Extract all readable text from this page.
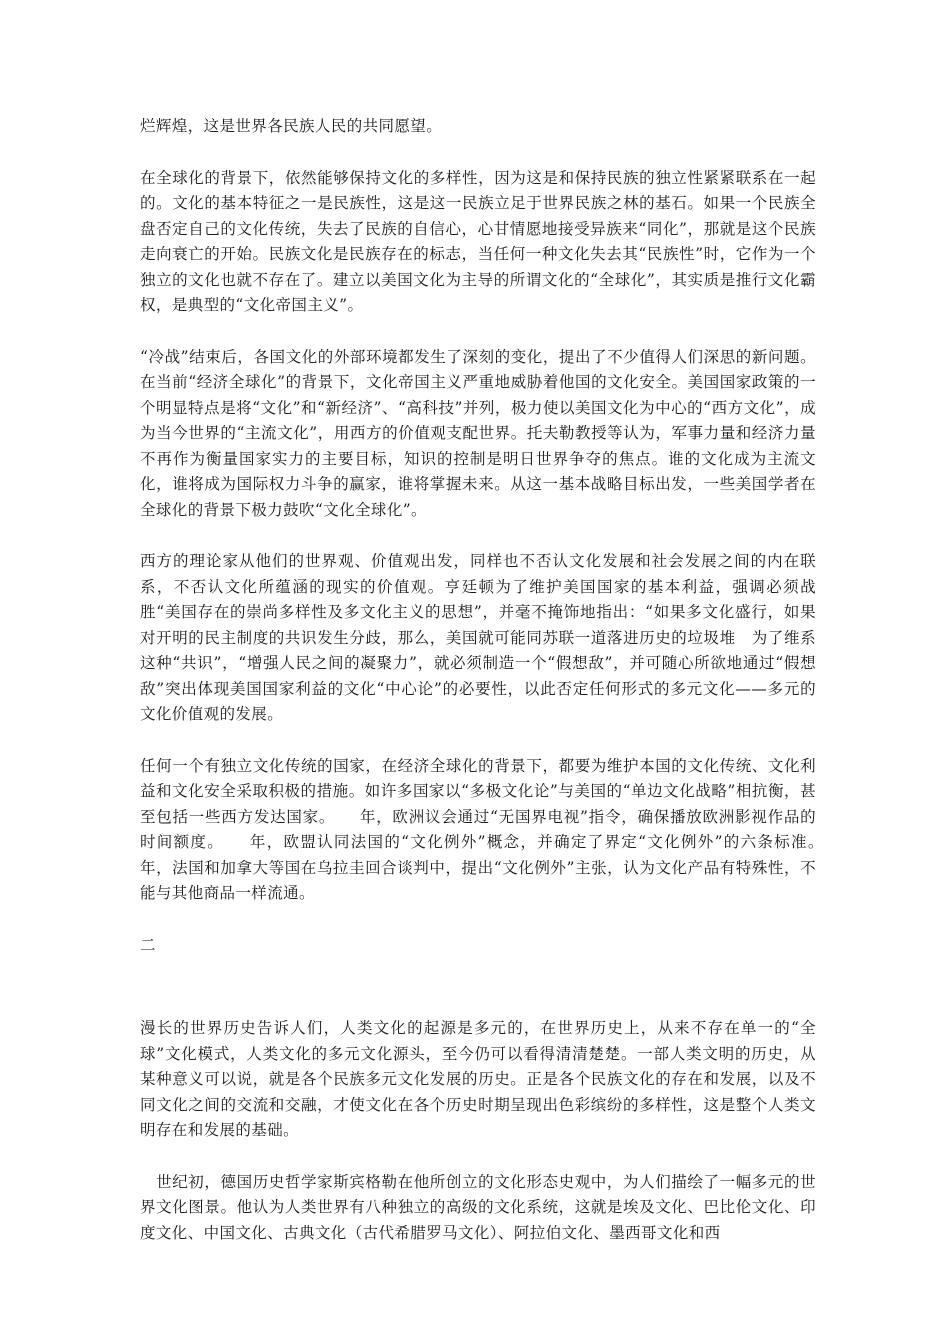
烂辉煌，这是世界各民族人民的共同愿望。

在全球化的背景下，依然能够保持文化的多样性，因为这是和保持民族的独立性紧紧联系在一起的。文化的基本特征之一是民族性，这是这一民族立足于世界民族之林的基石。如果一个民族全盘否定自己的文化传统，失去了民族的自信心，心甘情愿地接受异族来“同化”，那就是这个民族走向衰亡的开始。民族文化是民族存在的标志，当任何一种文化失去其“民族性”时，它作为一个独立的文化也就不存在了。建立以美国文化为主导的所谓文化的“全球化”，其实质是推行文化霸权，是典型的“文化帝国主义”。

“冷战”结束后，各国文化的外部环境都发生了深刻的变化，提出了不少值得人们深思的新问题。在当前“经济全球化”的背景下，文化帝国主义严重地威胁着他国的文化安全。美国国家政策的一个明显特点是将“文化”和“新经济”、“高科技”并列，极力使以美国文化为中心的“西方文化”，成为当今世界的“主流文化”，用西方的价值观支配世界。托夫勒教授等认为，军事力量和经济力量不再作为衡量国家实力的主要目标，知识的控制是明日世界争夺的焦点。谁的文化成为主流文化，谁将成为国际权力斗争的赢家，谁将掌握未来。从这一基本战略目标出发，一些美国学者在全球化的背景下极力鼓吹“文化全球化”。

西方的理论家从他们的世界观、价值观出发，同样也不否认文化发展和社会发展之间的内在联系，不否认文化所蕴涵的现实的价值观。亨廷顿为了维护美国国家的基本利益，强调必须战胜“美国存在的崇尚多样性及多文化主义的思想”，并毫不掩饰地指出：“如果多文化盛行，如果对开明的民主制度的共识发生分歧，那么，美国就可能同苏联一道落进历史的垃圾堆　为了维系这种“共识”，“增强人民之间的凝聚力”，就必须制造一个“假想敌”，并可随心所欲地通过“假想敌”突出体现美国国家利益的文化“中心论”的必要性，以此否定任何形式的多元文化——多元的文化价值观的发展。

任何一个有独立文化传统的国家，在经济全球化的背景下，都要为维护本国的文化传统、文化利益和文化安全采取积极的措施。如许多国家以“多极文化论”与美国的“单边文化战略”相抗衡，甚至包括一些西方发达国家。　　年，欧洲议会通过“无国界电视”指令，确保播放欧洲影视作品的时间额度。　　年，欧盟认同法国的“文化例外”概念，并确定了界定“文化例外”的六条标准。　　年，法国和加拿大等国在乌拉圭回合谈判中，提出“文化例外”主张，认为文化产品有特殊性，不能与其他商品一样流通。

二

漫长的世界历史告诉人们，人类文化的起源是多元的，在世界历史上，从来不存在单一的“全球”文化模式，人类文化的多元文化源头，至今仍可以看得清清楚楚。一部人类文明的历史，从某种意义可以说，就是各个民族多元文化发展的历史。正是各个民族文化的存在和发展，以及不同文化之间的交流和交融，才使文化在各个历史时期呈现出色彩缤纷的多样性，这是整个人类文明存在和发展的基础。

　世纪初，德国历史哲学家斯宾格勒在他所创立的文化形态史观中，为人们描绘了一幅多元的世界文化图景。他认为人类世界有八种独立的高级的文化系统，这就是埃及文化、巴比伦文化、印度文化、中国文化、古典文化（古代希腊罗马文化）、阿拉伯文化、墨西哥文化和西
